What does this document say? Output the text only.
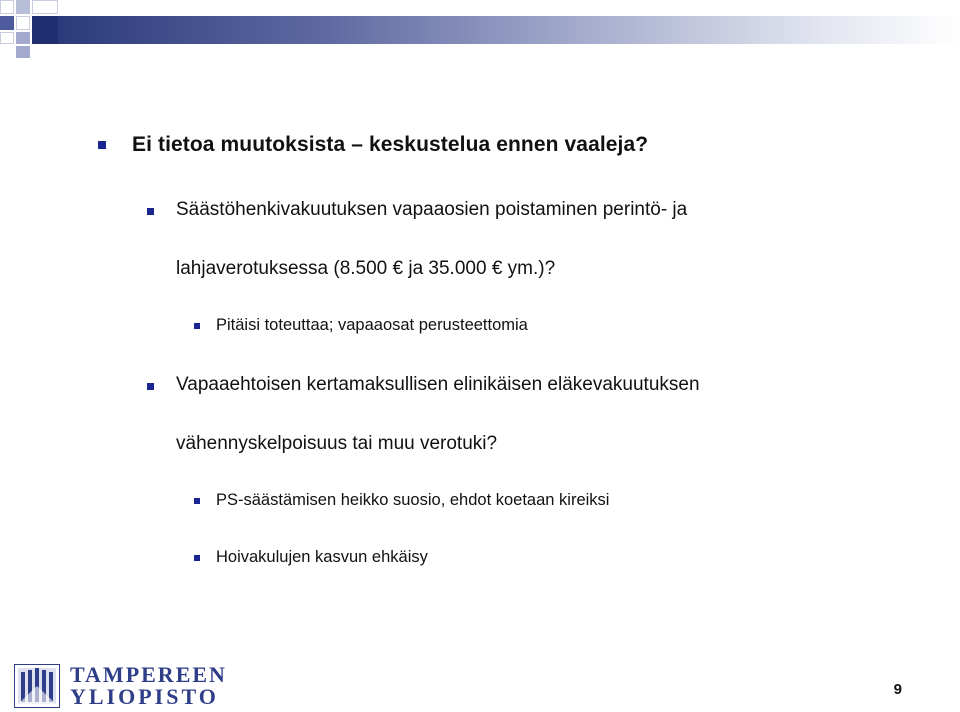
Ei tietoa muutoksista – keskustelua ennen vaaleja?
Säästöhenkivakuutuksen vapaaosien poistaminen perintö- ja
lahjaverotuksessa (8.500 € ja 35.000 € ym.)?
Pitäisi toteuttaa; vapaaosat perusteettomia
Vapaaehtoisen kertamaksullisen elinikäisen eläkevakuutuksen
vähennyskelpoisuus tai muu verotuki?
PS-säästämisen heikko suosio, ehdot koetaan kireiksi
Hoivakulujen kasvun ehkäisy
TAMPEREEN
YLIOPISTO	9
